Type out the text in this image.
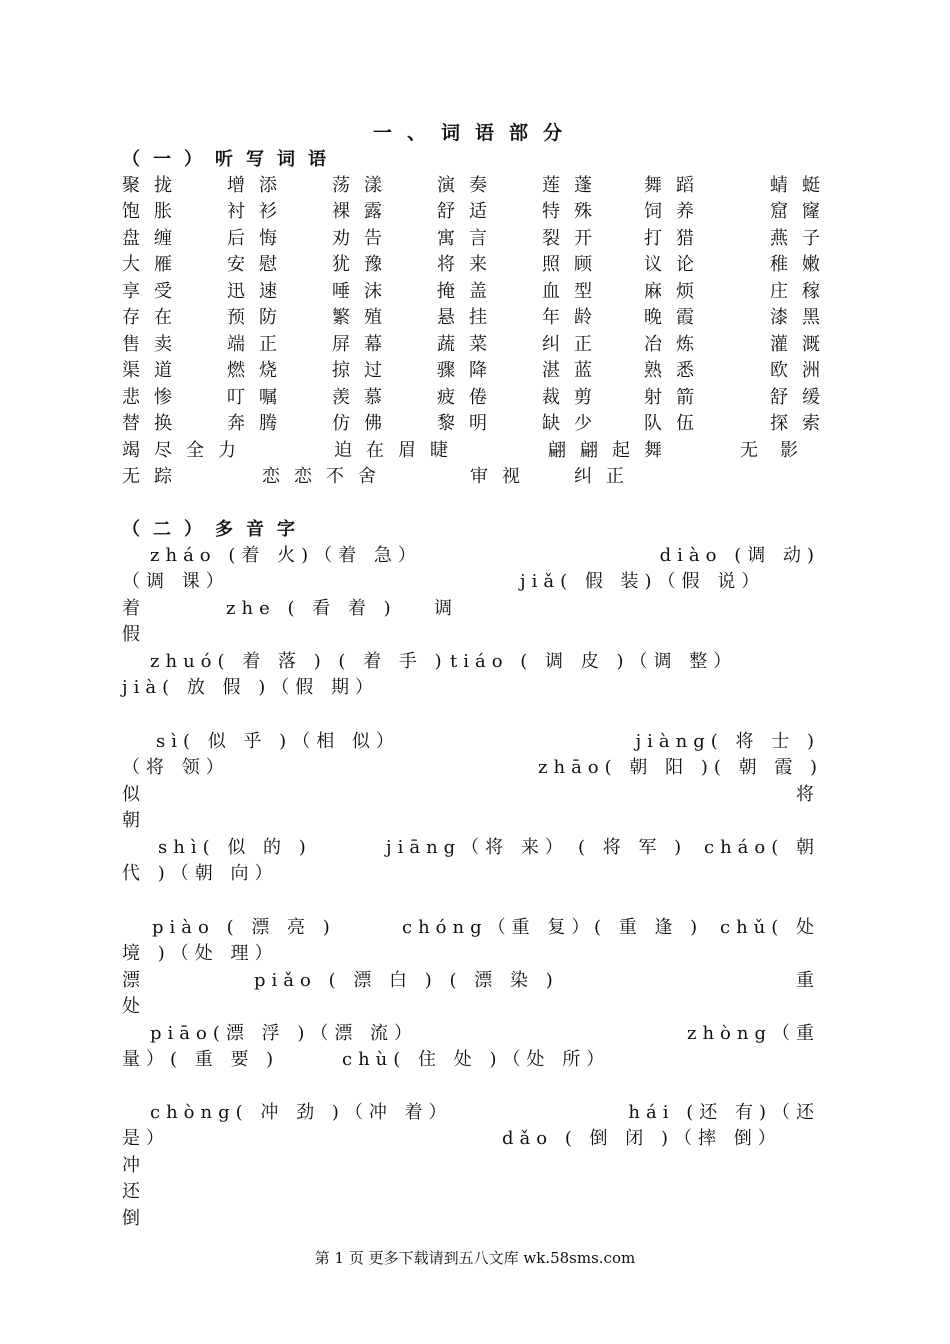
一、词语部分
（一）听写词语
聚拢 增添 荡漾 演奏 莲蓬 舞蹈	蜻蜓
饱胀 衬衫 裸露 舒适 特殊 饲养	窟窿
盘缠 后悔 劝告 寓言 裂开 打猎	燕子
大雁 安慰 犹豫 将来 照顾 议论	稚嫩
享受 迅速 唾沫 掩盖 血型 麻烦	庄稼
存在 预防 繁殖 悬挂 年龄 晚霞	漆黑
售卖 端正 屏幕 蔬菜 纠正 冶炼	灌溉
渠道 燃烧 掠过 骤降 湛蓝 熟悉	欧洲
悲惨 叮嘱 羡慕 疲倦 裁剪 射箭	舒缓
替换 奔腾 仿佛 黎明 缺少 队伍	探索
竭尽全力	迫在眉睫	翩翩起舞	无影
无踪	恋恋不舍	审视 纠正
（二）多音字
zháo (着 火)（着 急）	diào (调 动)
（调 课）	jiǎ( 假 装)（假 说）
着	zhe ( 看 着 ) 调
假
zhuó( 着 落 ) ( 着 手 ) tiáo ( 调 皮 )（调 整）
jià( 放 假 )（假 期）
sì( 似 乎 )（相 似）	jiàng( 将 士 )
（将 领）	zhāo( 朝 阳 )( 朝 霞 )
似	将
朝
shì( 似 的 )	jiāng（将 来） ( 将 军 ) cháo( 朝
代 )（朝 向）
piào ( 漂 亮 )	chóng（重 复）
( 重 逢 ) chǔ( 处
境 )（处 理）
漂	piǎo ( 漂 白 ) ( 漂 染 )	重
处
piāo(漂 浮 )（漂 流）	zhòng（重
量）( 重 要 )	chù( 住 处 )（处 所）
chòng( 冲 劲 )（冲 着）	hái (还 有)（还
是）	dǎo ( 倒 闭 )（摔 倒）
冲
还
倒
第 1 页 更多下载请到五八文库 wk.58sms.com
